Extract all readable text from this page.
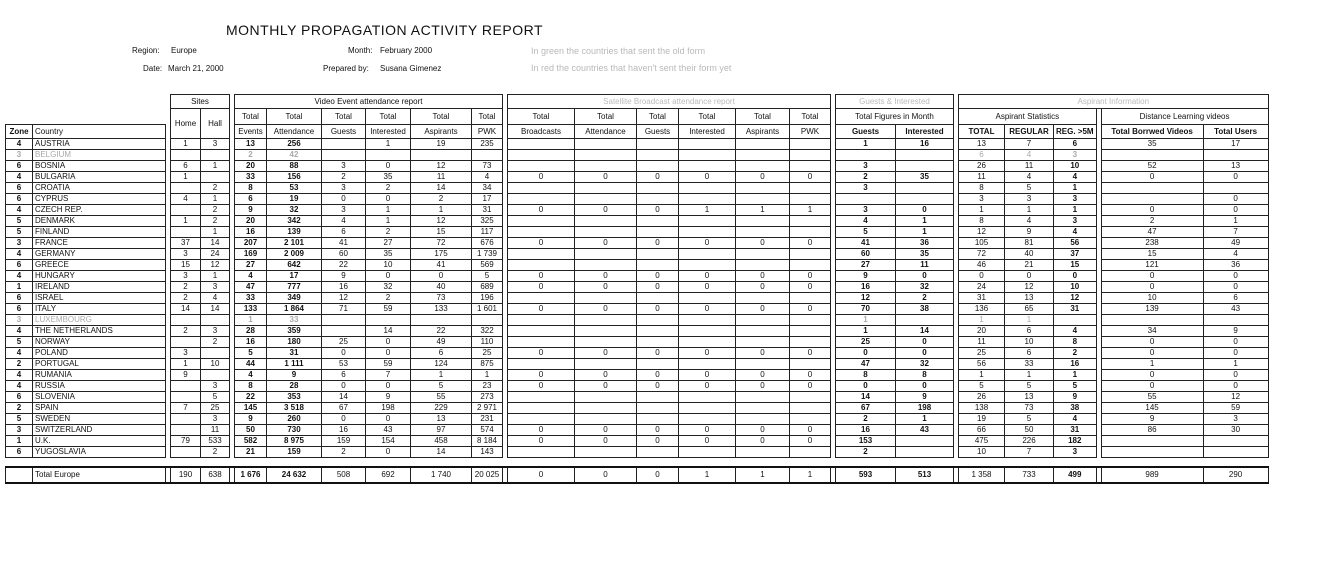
MONTHLY PROPAGATION ACTIVITY REPORT
Region: Europe
Date: March 21, 2000
Month: February 2000
Prepared by: Susana Gimenez
In green the countries that sent the old form
In red the countries that haven't sent their form yet
			Sites			Video Event attendance report							Satellite Broadcast attendance report							Guests & Interested			Aspirant Information					
			Home	Hall		Total	Total	Total	Total	Total	Total		Total	Total	Total	Total	Total	Total		Total Figures in Month			Aspirant Statistics				Distance Learning videos	
Zone	Country					Events	Attendance	Guests	Interested	Aspirants	PWK		Broadcasts	Attendance	Guests	Interested	Aspirants	PWK		Guests	Interested		TOTAL	REGULAR	REG. >5M		Total Borrwed Videos	Total Users
4	AUSTRIA		1	3		13	256		1	19	235									1	16		13	7	6		35	17
3	BELGIUM					2	42																6	4	3			
6	BOSNIA		6	1		20	88	3	0	12	73									3			26	11	10		52	13
4	BULGARIA		1			33	156	2	35	11	4		0	0	0	0	0	0		2	35		11	4	4		0	0
6	CROATIA			2		8	53	3	2	14	34									3			8	5	1			
6	CYPRUS		4	1		6	19	0	0	2	17												3	3	3			0
4	CZECH REP.			2		9	32	3	1	1	31		0	0	0	1	1	1		3	0		1	1	1		0	0
5	DENMARK		1	2		20	342	4	1	12	325									4	1		8	4	3		2	1
5	FINLAND			1		16	139	6	2	15	117									5	1		12	9	4		47	7
3	FRANCE		37	14		207	2 101	41	27	72	676		0	0	0	0	0	0		41	36		105	81	56		238	49
4	GERMANY		3	24		169	2 009	60	35	175	1 739									60	35		72	40	37		15	4
6	GREECE		15	12		27	642	22	10	41	569									27	11		46	21	15		121	36
4	HUNGARY		3	1		4	17	9	0	0	5		0	0	0	0	0	0		9	0		0	0	0		0	0
1	IRELAND		2	3		47	777	16	32	40	689		0	0	0	0	0	0		16	32		24	12	10		0	0
6	ISRAEL		2	4		33	349	12	2	73	196									12	2		31	13	12		10	6
6	ITALY		14	14		133	1 864	71	59	133	1 601		0	0	0	0	0	0		70	38		136	65	31		139	43
3	LUXEMBOURG					1	33													1			1	1				
4	THE NETHERLANDS		2	3		28	359		14	22	322									1	14		20	6	4		34	9
5	NORWAY			2		16	180	25	0	49	110									25	0		11	10	8		0	0
4	POLAND		3			5	31	0	0	6	25		0	0	0	0	0	0		0	0		25	6	2		0	0
2	PORTUGAL		1	10		44	1 111	53	59	124	875									47	32		56	33	16		1	1
4	RUMANIA		9			4	9	6	7	1	1		0	0	0	0	0	0		8	8		1	1	1		0	0
4	RUSSIA			3		8	28	0	0	5	23		0	0	0	0	0	0		0	0		5	5	5		0	0
6	SLOVENIA			5		22	353	14	9	55	273									14	9		26	13	9		55	12
2	SPAIN		7	25		145	3 518	67	198	229	2 971									67	198		138	73	38		145	59
5	SWEDEN			3		9	260	0	0	13	231									2	1		19	5	4		9	3
3	SWITZERLAND			11		50	730	16	43	97	574		0	0	0	0	0	0		16	43		66	50	31		86	30
1	U.K.		79	533		582	8 975	159	154	458	8 184		0	0	0	0	0	0		153			475	226	182			
6	YUGOSLAVIA			2		21	159	2	0	14	143									2			10	7	3			

	Total Europe		190	638		1 676	24 632	508	692	1 740	20 025		0	0	0	1	1	1		593	513		1 358	733	499		989	290
